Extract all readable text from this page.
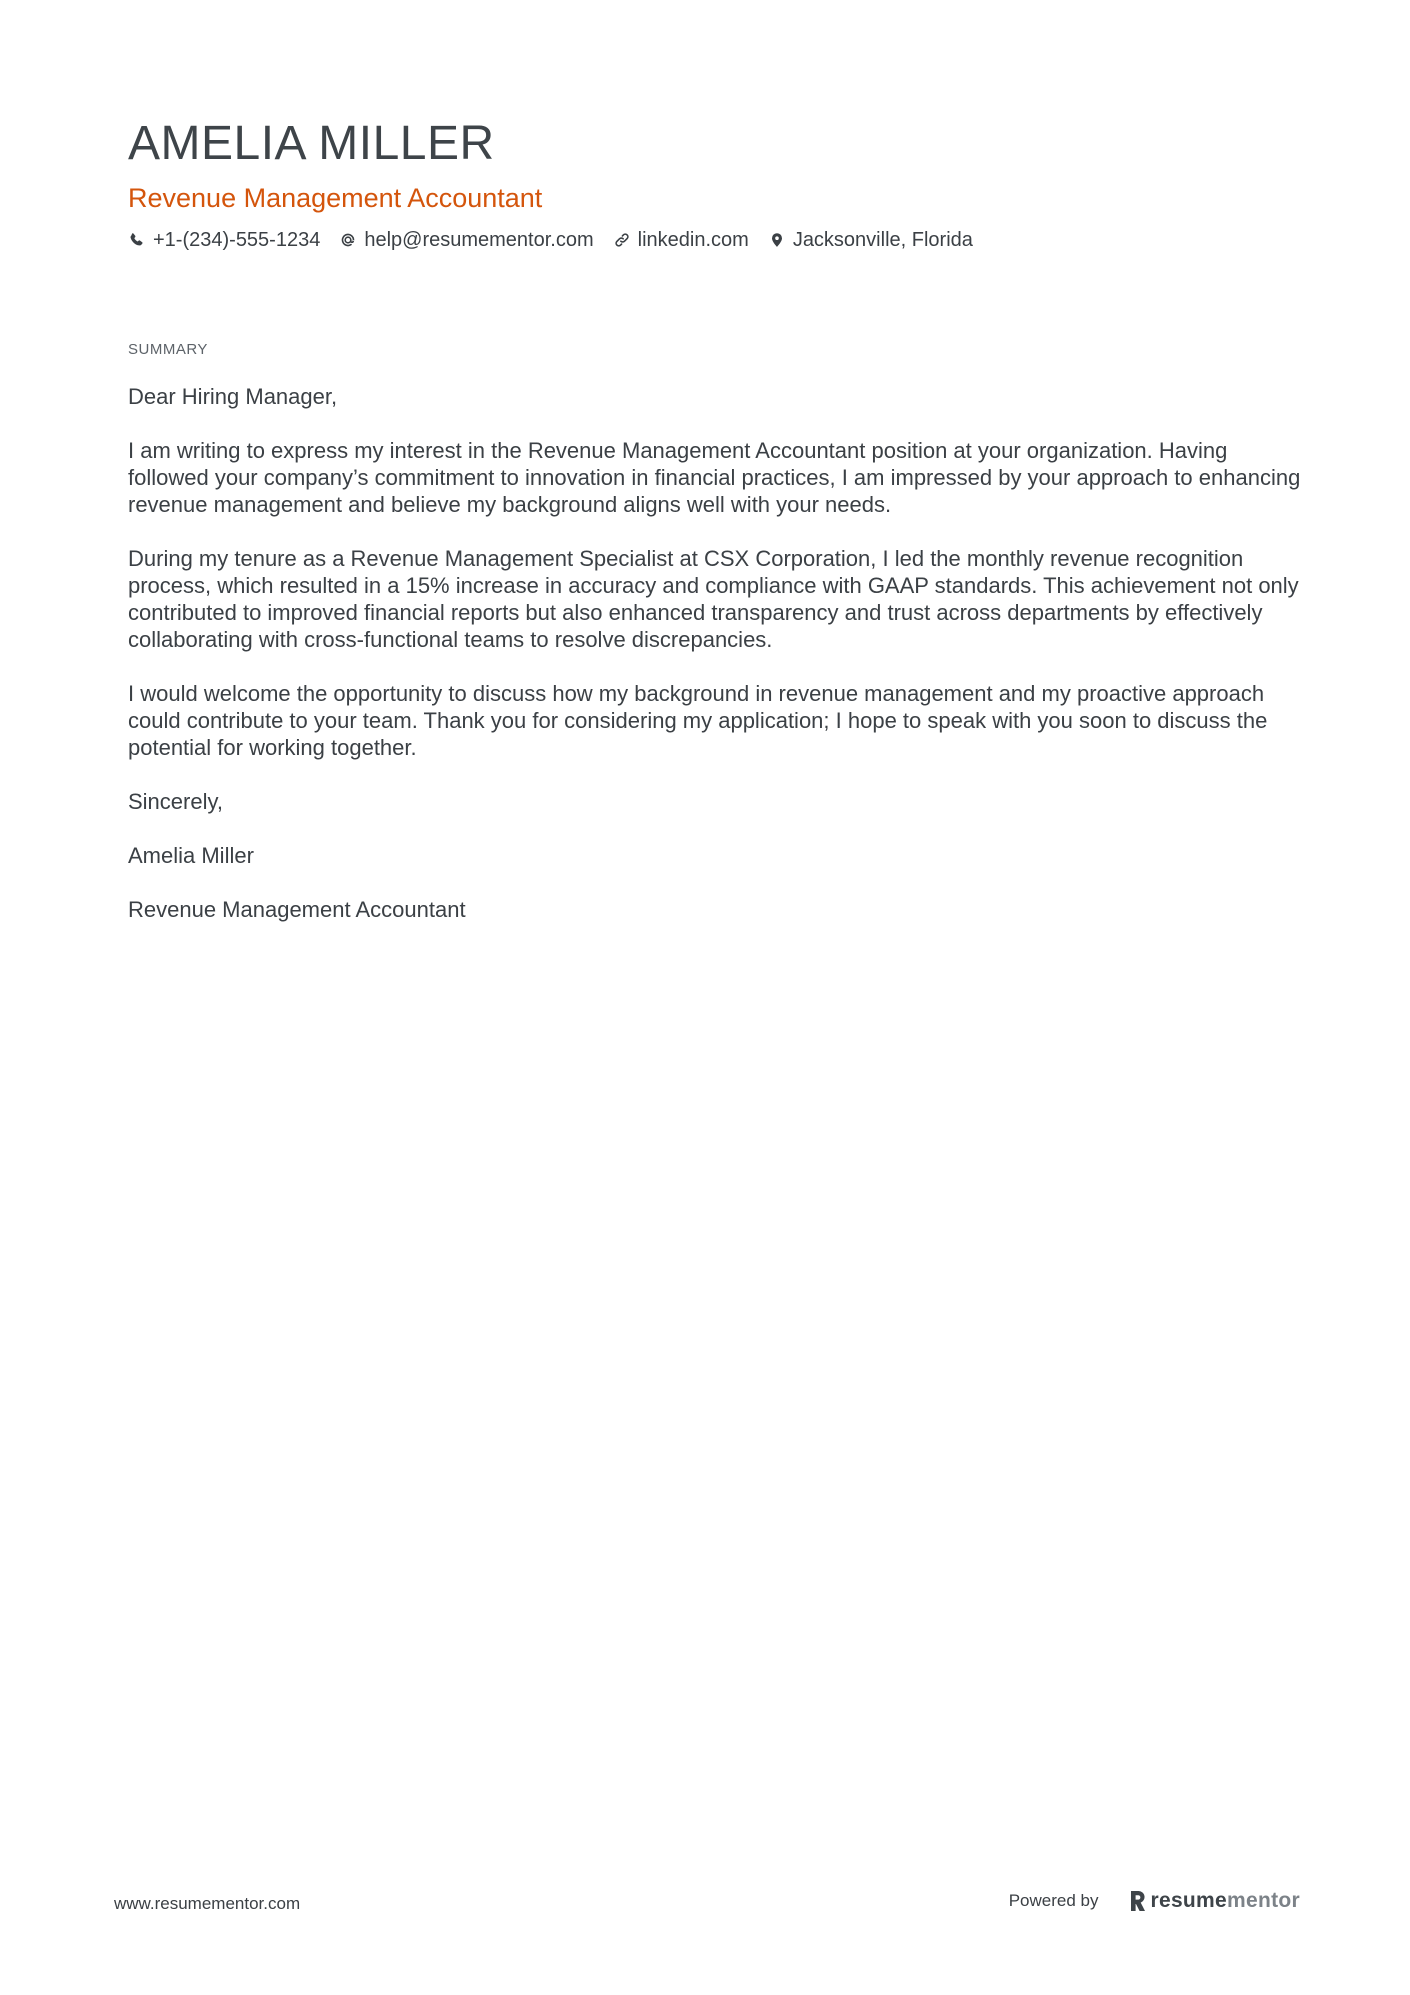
AMELIA MILLER
Revenue Management Accountant
+1-(234)-555-1234 help@resumementor.com linkedin.com Jacksonville, Florida
SUMMARY

Dear Hiring Manager,

I am writing to express my interest in the Revenue Management Accountant position at your organization. Having followed your company’s commitment to innovation in financial practices, I am impressed by your approach to enhancing revenue management and believe my background aligns well with your needs.

During my tenure as a Revenue Management Specialist at CSX Corporation, I led the monthly revenue recognition process, which resulted in a 15% increase in accuracy and compliance with GAAP standards. This achievement not only contributed to improved financial reports but also enhanced transparency and trust across departments by effectively collaborating with cross-functional teams to resolve discrepancies.

I would welcome the opportunity to discuss how my background in revenue management and my proactive approach could contribute to your team. Thank you for considering my application; I hope to speak with you soon to discuss the potential for working together.

Sincerely,

Amelia Miller

Revenue Management Accountant

www.resumementor.com	Powered by resume mentor
